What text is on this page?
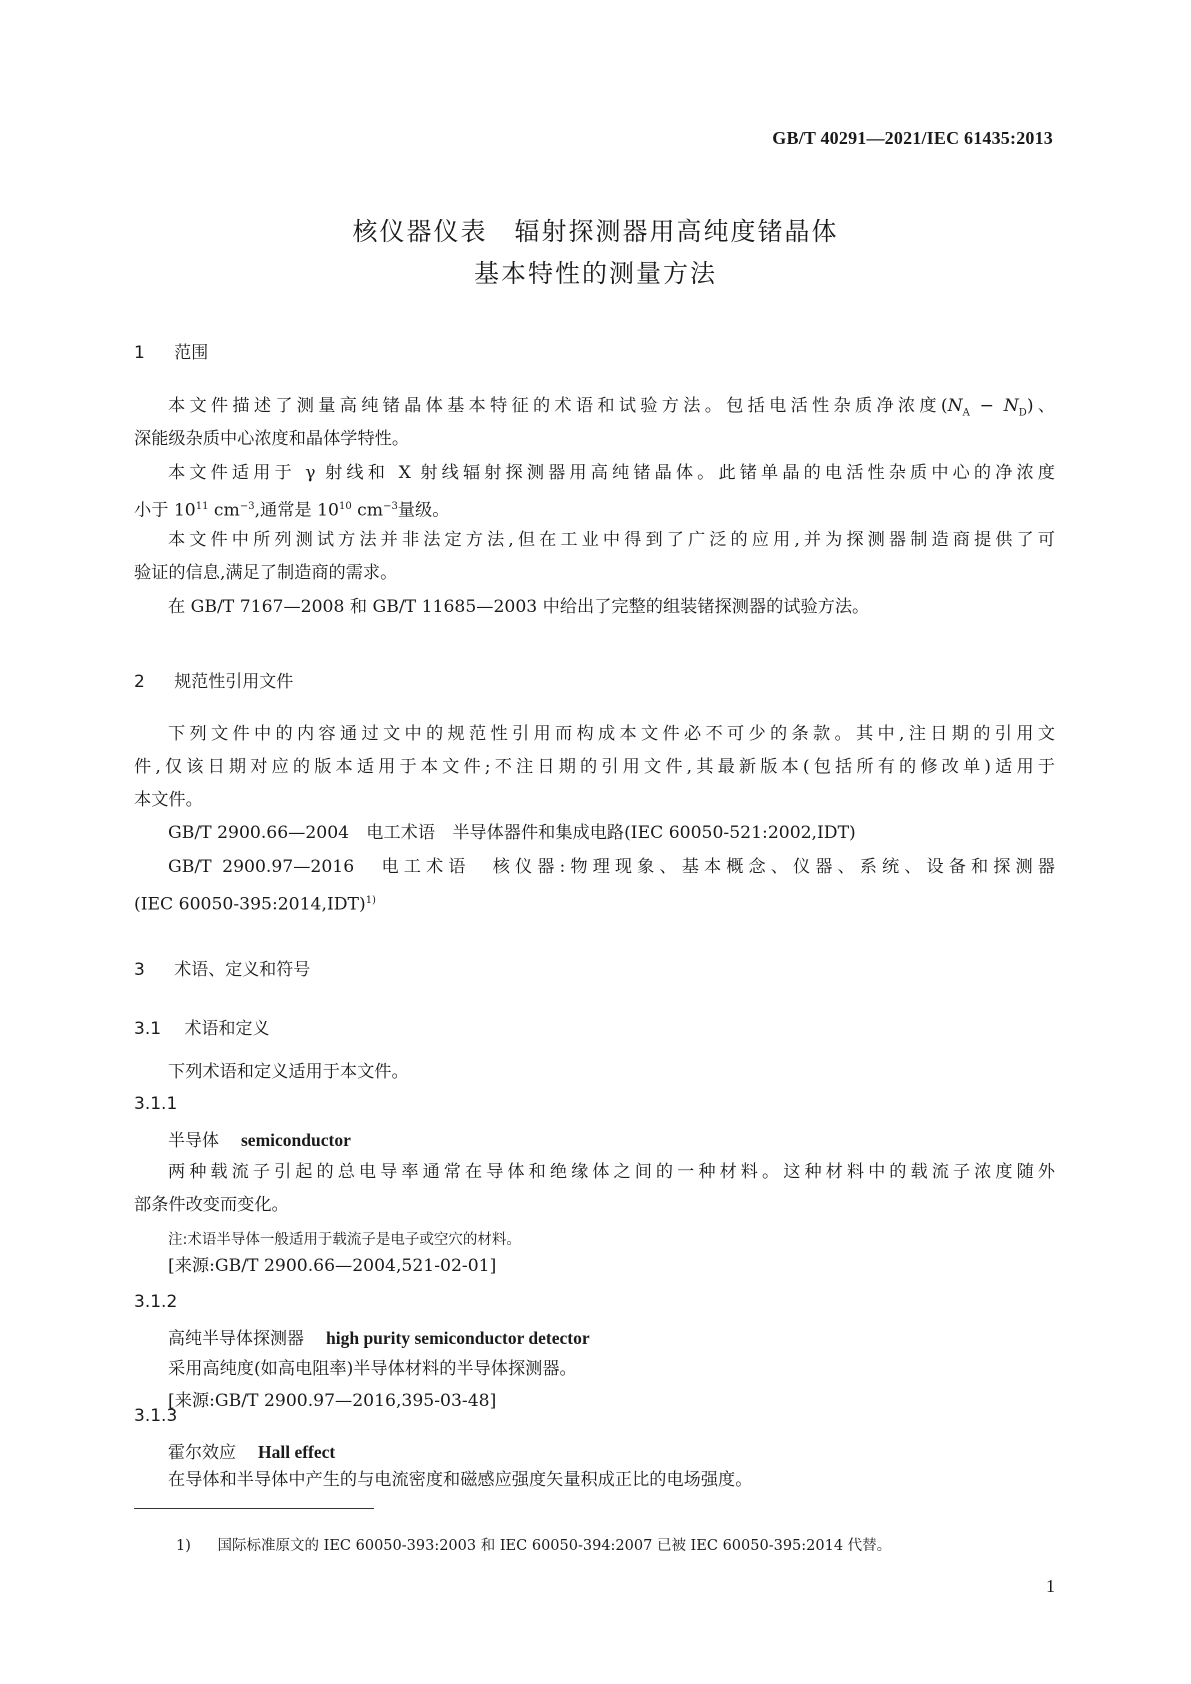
GB/T 40291—2021/IEC 61435:2013
核仪器仪表　辐射探测器用高纯度锗晶体
基本特性的测量方法
1 范围
本文件描述了测量高纯锗晶体基本特征的术语和试验方法。包括电活性杂质净浓度$(N_A - N_D)$、
深能级杂质中心浓度和晶体学特性。
本文件适用于 γ 射线和 X 射线辐射探测器用高纯锗晶体。此锗单晶的电活性杂质中心的净浓度
小于 $10^{11}$ $cm^{-3}$,通常是 $10^{10}$ $cm^{-3}$量级。
本文件中所列测试方法并非法定方法,但在工业中得到了广泛的应用,并为探测器制造商提供了可
验证的信息,满足了制造商的需求。
在 GB/T 7167—2008 和 GB/T 11685—2003 中给出了完整的组装锗探测器的试验方法。
2 规范性引用文件
下列文件中的内容通过文中的规范性引用而构成本文件必不可少的条款。其中,注日期的引用文
件,仅该日期对应的版本适用于本文件;不注日期的引用文件,其最新版本(包括所有的修改单)适用于
本文件。
GB/T 2900.66—2004　电工术语　半导体器件和集成电路(IEC 60050-521:2002,IDT)
GB/T 2900.97—2016　电工术语　核仪器:物理现象、基本概念、仪器、系统、设备和探测器
(IEC 60050-395:2014,IDT)$^{1)}$
3 术语、定义和符号
3.1 术语和定义
下列术语和定义适用于本文件。
3.1.1
半导体 semiconductor
两种载流子引起的总电导率通常在导体和绝缘体之间的一种材料。这种材料中的载流子浓度随外
部条件改变而变化。
注:术语半导体一般适用于载流子是电子或空穴的材料。
[来源:GB/T 2900.66—2004,521-02-01]
3.1.2
高纯半导体探测器 high purity semiconductor detector
采用高纯度(如高电阻率)半导体材料的半导体探测器。
[来源:GB/T 2900.97—2016,395-03-48]
3.1.3
1) 国际标准原文的 IEC 60050-393:2003 和 IEC 60050-394:2007 已被 IEC 60050-395:2014 代替。
1
霍尔效应 Hall effect
在导体和半导体中产生的与电流密度和磁感应强度矢量积成正比的电场强度。
